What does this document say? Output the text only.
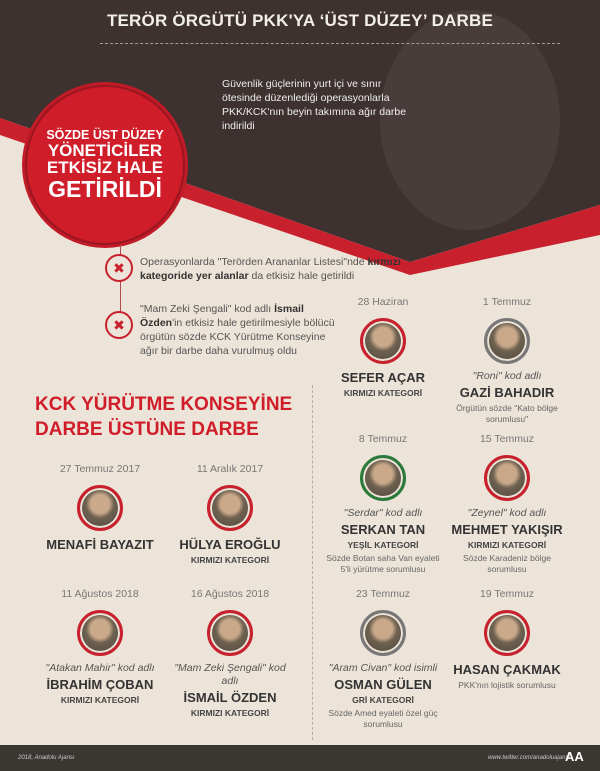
TERÖR ÖRGÜTÜ PKK'YA ‘ÜST DÜZEY’ DARBE
Güvenlik güçlerinin yurt içi ve sınır ötesinde düzenlediği operasyonlarla PKK/KCK'nın beyin takımına ağır darbe indirildi
SÖZDE ÜST DÜZEY
YÖNETİCİLER
ETKİSİZ HALE
GETİRİLDİ
✖
✖
Operasyonlarda "Terörden Arananlar Listesi"nde kırmızı kategoride yer alanlar da etkisiz hale getirildi
"Mam Zeki Şengali" kod adlı İsmail Özden'in etkisiz hale getirilmesiyle bölücü örgütün sözde KCK Yürütme Konseyine ağır bir darbe daha vurulmuş oldu
KCK YÜRÜTME KONSEYİNE
DARBE ÜSTÜNE DARBE
27 Temmuz 2017
MENAFİ BAYAZIT
11 Aralık 2017
HÜLYA EROĞLU
KIRMIZI KATEGORİ
11 Ağustos 2018
"Atakan Mahir" kod adlı
İBRAHİM ÇOBAN
KIRMIZI KATEGORİ
16 Ağustos 2018
"Mam Zeki Şengali" kod adlı
İSMAİL ÖZDEN
KIRMIZI KATEGORİ
28 Haziran
SEFER AÇAR
KIRMIZI KATEGORİ
1 Temmuz
"Roni" kod adlı
GAZİ BAHADIR
Örgütün sözde "Kato bölge sorumlusu"
8 Temmuz
"Serdar" kod adlı
SERKAN TAN
YEŞİL KATEGORİ
Sözde Botan saha Van eyaleti 5'li yürütme sorumlusu
15 Temmuz
"Zeynel" kod adlı
MEHMET YAKIŞIR
KIRMIZI KATEGORİ
Sözde Karadeniz bölge sorumlusu
23 Temmuz
"Aram Civan" kod isimli
OSMAN GÜLEN
GRİ KATEGORİ
Sözde Amed eyaleti özel güç sorumlusu
19 Temmuz
HASAN ÇAKMAK
PKK'nın lojistik sorumlusu
2018, Anadolu Ajansı	www.twitter.com/anadoluajansi
AA
